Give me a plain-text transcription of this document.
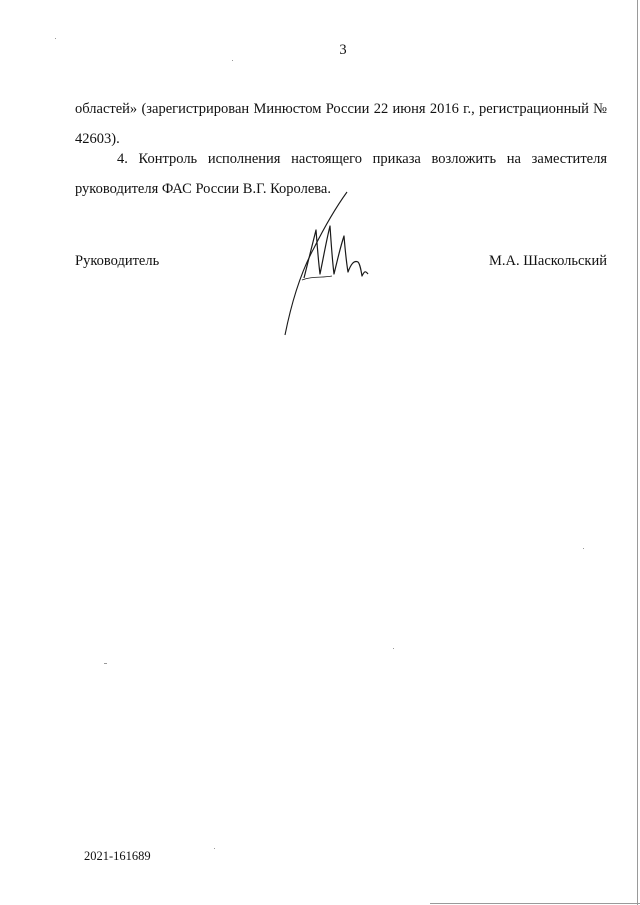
3

областей» (зарегистрирован Минюстом России 22 июня 2016 г., регистрационный № 42603).

4. Контроль исполнения настоящего приказа возложить на заместителя руководителя ФАС России В.Г. Королева.

Руководитель	М.А. Шаскольский
2021-161689
